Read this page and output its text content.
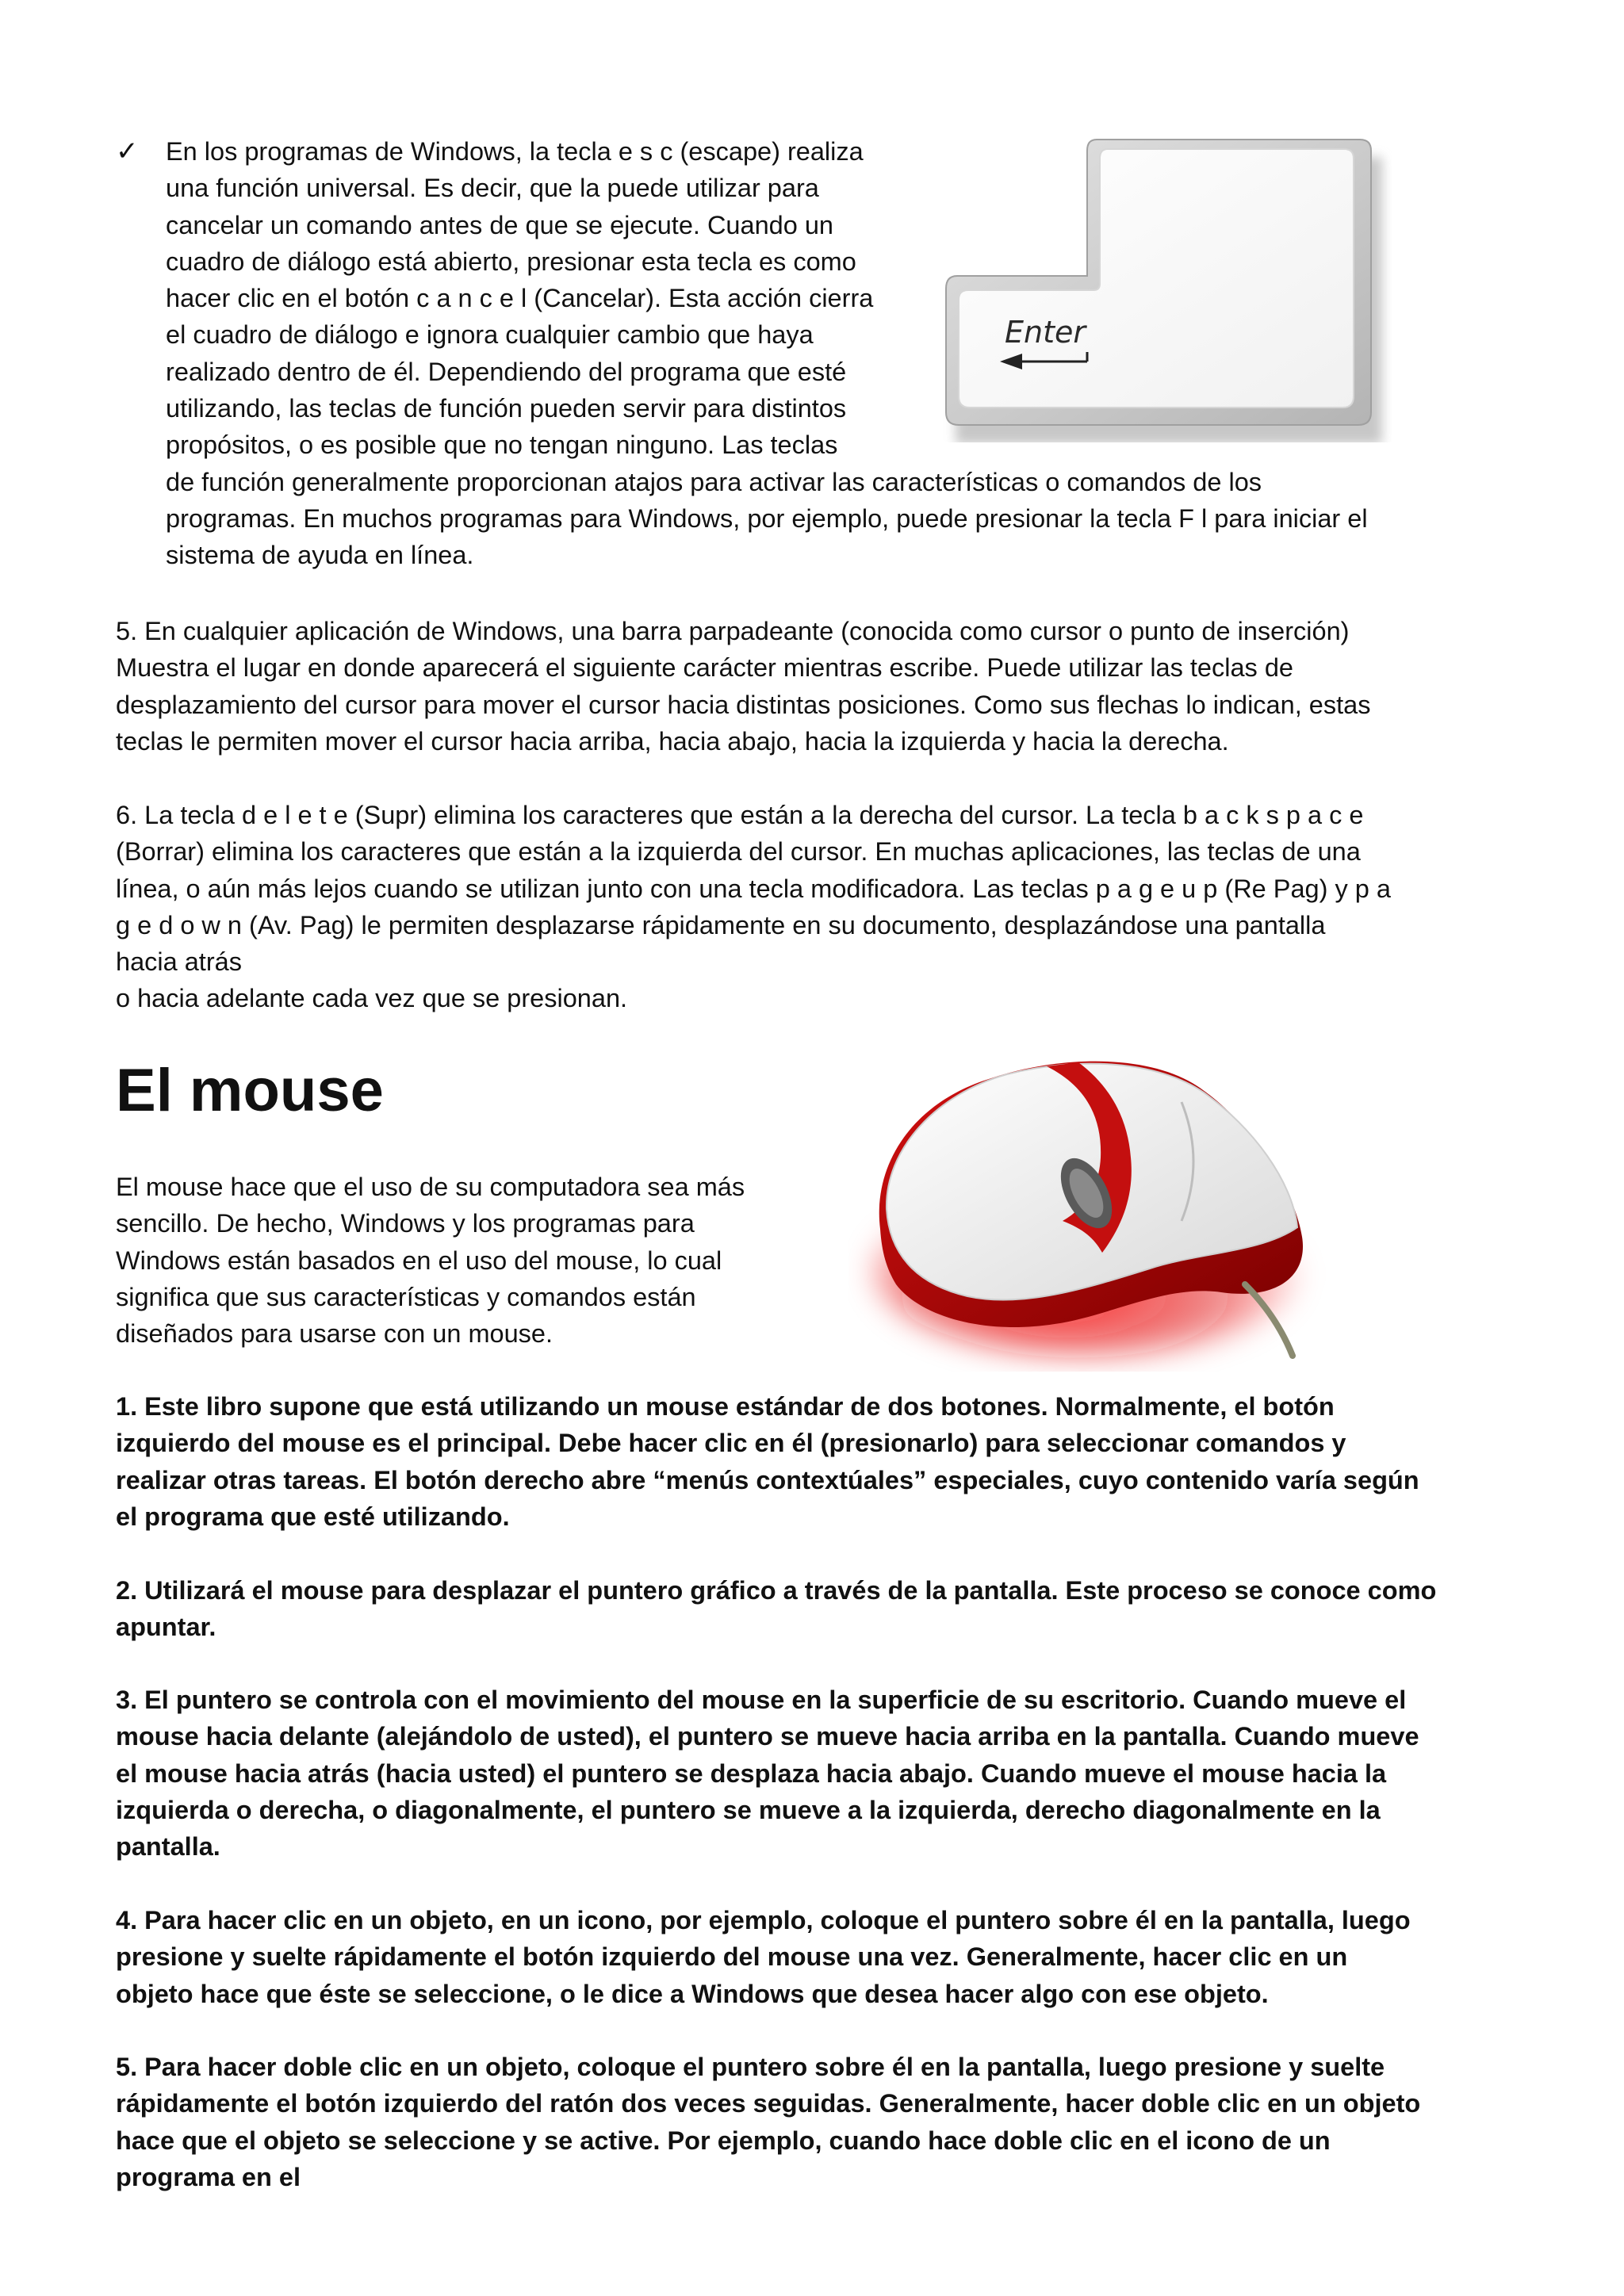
✓ En los programas de Windows, la tecla e s c (escape) realiza
una función universal. Es decir, que la puede utilizar para
cancelar un comando antes de que se ejecute. Cuando un
cuadro de diálogo está abierto, presionar esta tecla es como
hacer clic en el botón c a n c e l (Cancelar). Esta acción cierra
el cuadro de diálogo e ignora cualquier cambio que haya
realizado dentro de él. Dependiendo del programa que esté
utilizando, las teclas de función pueden servir para distintos
propósitos, o es posible que no tengan ninguno. Las teclas
de función generalmente proporcionan atajos para activar las características o comandos de los
programas. En muchos programas para Windows, por ejemplo, puede presionar la tecla F l para iniciar el
sistema de ayuda en línea.
Enter
5. En cualquier aplicación de Windows, una barra parpadeante (conocida como cursor o punto de inserción)
Muestra el lugar en donde aparecerá el siguiente carácter mientras escribe. Puede utilizar las teclas de
desplazamiento del cursor para mover el cursor hacia distintas posiciones. Como sus flechas lo indican, estas
teclas le permiten mover el cursor hacia arriba, hacia abajo, hacia la izquierda y hacia la derecha.
6. La tecla d e l e t e (Supr) elimina los caracteres que están a la derecha del cursor. La tecla b a c k s p a c e
(Borrar) elimina los caracteres que están a la izquierda del cursor. En muchas aplicaciones, las teclas de una
línea, o aún más lejos cuando se utilizan junto con una tecla modificadora. Las teclas p a g e u p (Re Pag) y p a
g e d o w n (Av. Pag) le permiten desplazarse rápidamente en su documento, desplazándose una pantalla
hacia atrás
o hacia adelante cada vez que se presionan.
El mouse
El mouse hace que el uso de su computadora sea más
sencillo. De hecho, Windows y los programas para
Windows están basados en el uso del mouse, lo cual
significa que sus características y comandos están
diseñados para usarse con un mouse.
1. Este libro supone que está utilizando un mouse estándar de dos botones. Normalmente, el botón
izquierdo del mouse es el principal. Debe hacer clic en él (presionarlo) para seleccionar comandos y
realizar otras tareas. El botón derecho abre “menús contextúales” especiales, cuyo contenido varía según
el programa que esté utilizando.
2. Utilizará el mouse para desplazar el puntero gráfico a través de la pantalla. Este proceso se conoce como
apuntar.
3. El puntero se controla con el movimiento del mouse en la superficie de su escritorio. Cuando mueve el
mouse hacia delante (alejándolo de usted), el puntero se mueve hacia arriba en la pantalla. Cuando mueve
el mouse hacia atrás (hacia usted) el puntero se desplaza hacia abajo. Cuando mueve el mouse hacia la
izquierda o derecha, o diagonalmente, el puntero se mueve a la izquierda, derecho diagonalmente en la
pantalla.
4. Para hacer clic en un objeto, en un icono, por ejemplo, coloque el puntero sobre él en la pantalla, luego
presione y suelte rápidamente el botón izquierdo del mouse una vez. Generalmente, hacer clic en un
objeto hace que éste se seleccione, o le dice a Windows que desea hacer algo con ese objeto.
5. Para hacer doble clic en un objeto, coloque el puntero sobre él en la pantalla, luego presione y suelte
rápidamente el botón izquierdo del ratón dos veces seguidas. Generalmente, hacer doble clic en un objeto
hace que el objeto se seleccione y se active. Por ejemplo, cuando hace doble clic en el icono de un
programa en el
